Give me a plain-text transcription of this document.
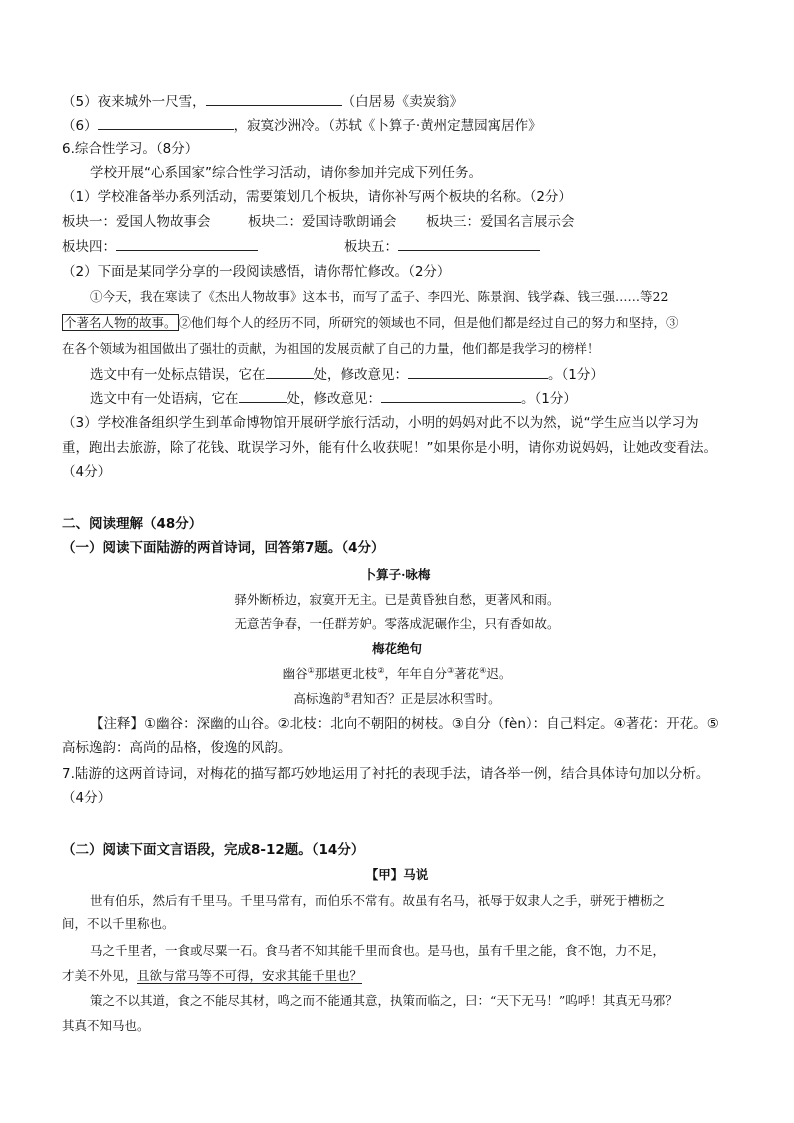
（5）夜来城外一尺雪，	（白居易《卖炭翁》
（6）	，寂寞沙洲冷。（苏轼《卜算子·黄州定慧园寓居作》
6.综合性学习。（8分）
学校开展“心系国家”综合性学习活动，请你参加并完成下列任务。
（1）学校准备举办系列活动，需要策划几个板块，请你补写两个板块的名称。（2分）
板块一：爱国人物故事会	板块二：爱国诗歌朗诵会 板块三：爱国名言展示会
板块四：	板块五：
（2）下面是某同学分享的一段阅读感悟，请你帮忙修改。（2分）
①今天，我在寒读了《杰出人物故事》这本书，而写了孟子、李四光、陈景润、钱学森、钱三强……等22
个著名人物的故事。 ②他们每个人的经历不同，所研究的领域也不同，但是他们都是经过自己的努力和坚持，③
在各个领域为祖国做出了强壮的贡献，为祖国的发展贡献了自己的力量，他们都是我学习的榜样！
选文中有一处标点错误，它在	处，修改意见：	。（1分）
选文中有一处语病，它在	处，修改意见：	。（1分）
（3）学校准备组织学生到革命博物馆开展研学旅行活动，小明的妈妈对此不以为然，说“学生应当以学习为
重，跑出去旅游，除了花钱、耽误学习外，能有什么收获呢！”如果你是小明，请你劝说妈妈，让她改变看法。
（4分）
二、阅读理解（48分）
（一）阅读下面陆游的两首诗词，回答第7题。（4分）
卜算子·咏梅
驿外断桥边，寂寞开无主。已是黄昏独自愁，更著风和雨。
无意苦争春，一任群芳妒。零落成泥碾作尘，只有香如故。
梅花绝句
幽谷①那堪更北枝②，年年自分③著花④迟。
高标逸韵⑤君知否？正是层冰积雪时。
【注释】①幽谷：深幽的山谷。②北枝：北向不朝阳的树枝。③自分（fèn）：自己料定。④著花：开花。⑤
高标逸韵：高尚的品格，俊逸的风韵。
7.陆游的这两首诗词，对梅花的描写都巧妙地运用了衬托的表现手法，请各举一例，结合具体诗句加以分析。
（4分）
（二）阅读下面文言语段，完成8-12题。（14分）
【甲】马说
世有伯乐，然后有千里马。千里马常有，而伯乐不常有。故虽有名马，祇辱于奴隶人之手，骈死于槽枥之
间，不以千里称也。
马之千里者，一食或尽粟一石。食马者不知其能千里而食也。是马也，虽有千里之能，食不饱，力不足，
才美不外见，且欲与常马等不可得，安求其能千里也？
策之不以其道，食之不能尽其材，鸣之而不能通其意，执策而临之，曰：“天下无马！”呜呼！其真无马邪？
其真不知马也。
